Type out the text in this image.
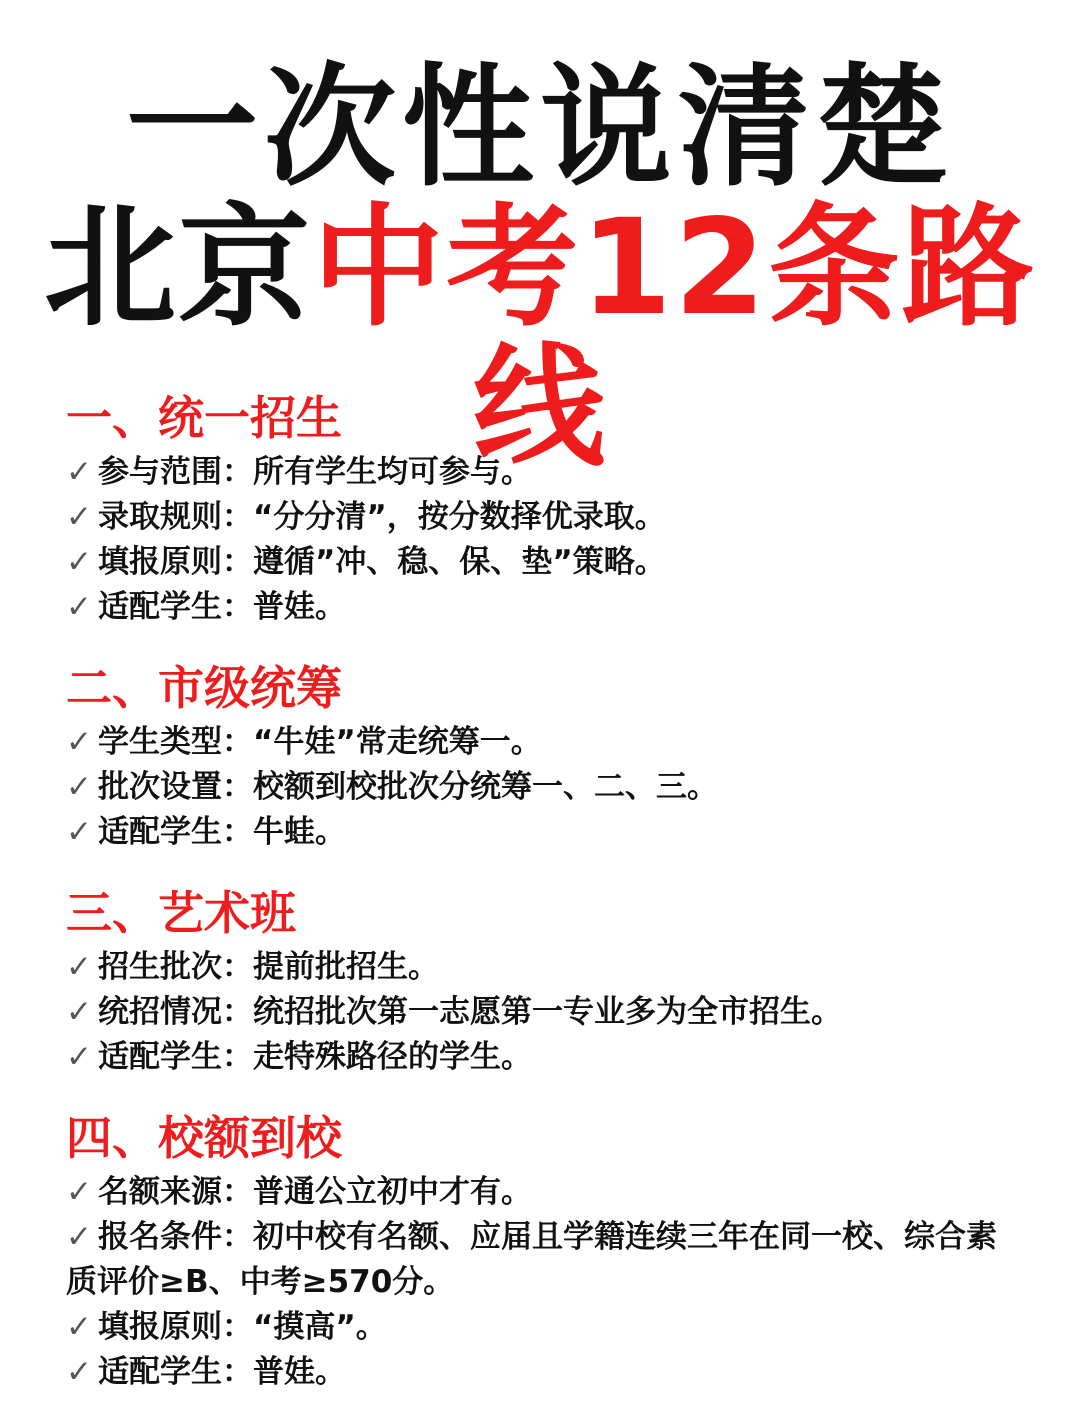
一次性说清楚
北京中考12条路线
一、统一招生
✓ 参与范围：所有学生均可参与。
✓ 录取规则：“分分清”，按分数择优录取。
✓ 填报原则：遵循”冲、稳、保、垫”策略。
✓ 适配学生：普娃。
二、市级统筹
✓ 学生类型：“牛娃”常走统筹一。
✓ 批次设置：校额到校批次分统筹一、二、三。
✓ 适配学生：牛蛙。
三、艺术班
✓ 招生批次：提前批招生。
✓ 统招情况：统招批次第一志愿第一专业多为全市招生。
✓ 适配学生：走特殊路径的学生。
四、校额到校
✓ 名额来源：普通公立初中才有。
✓ 报名条件：初中校有名额、应届且学籍连续三年在同一校、综合素质评价≥B、中考≥570分。
✓ 填报原则：“摸高”。
✓ 适配学生：普娃。
